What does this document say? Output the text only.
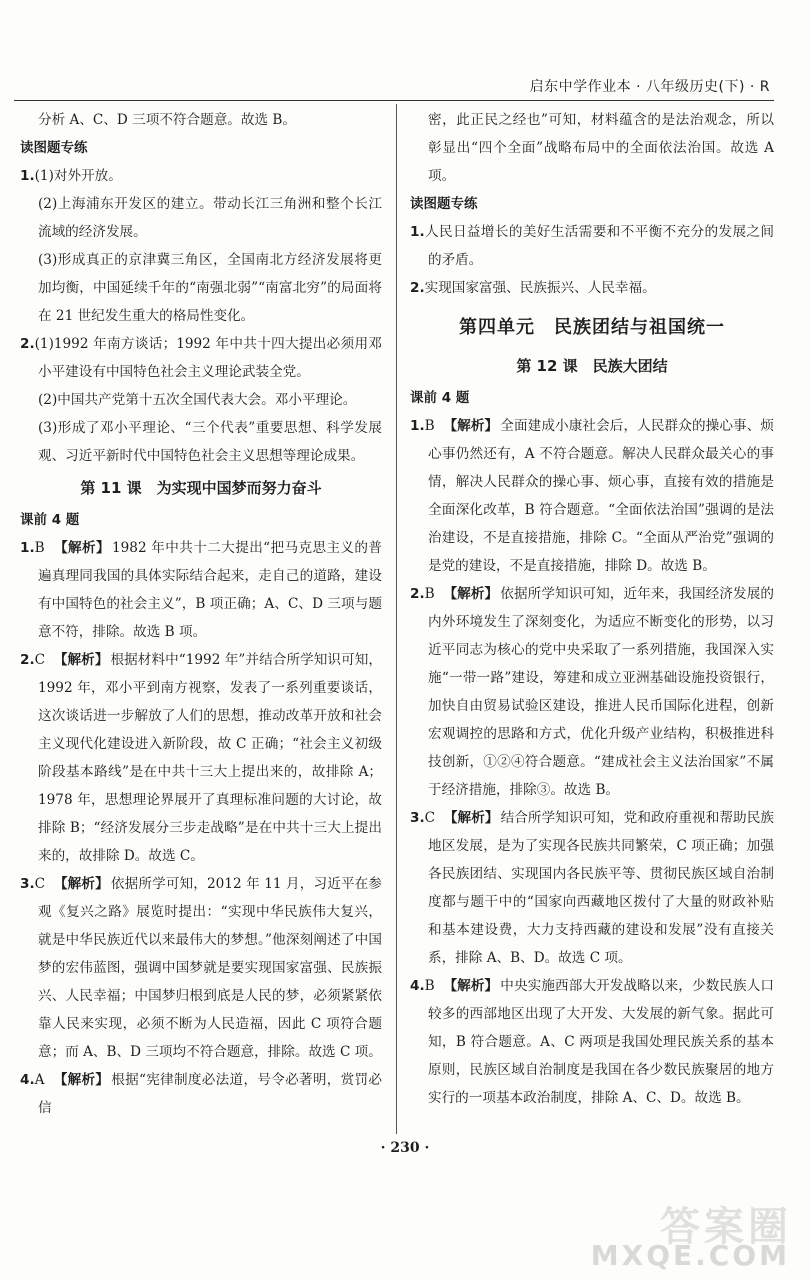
启东中学作业本 · 八年级历史(下) · R

分析 A、C、D 三项不符合题意。故选 B。

读图题专练

1.(1)对外开放。

(2)上海浦东开发区的建立。带动长江三角洲和整个长江流域的经济发展。

(3)形成真正的京津冀三角区，全国南北方经济发展将更加均衡，中国延续千年的“南强北弱”“南富北穷”的局面将在 21 世纪发生重大的格局性变化。

2.(1)1992 年南方谈话；1992 年中共十四大提出必须用邓小平建设有中国特色社会主义理论武装全党。

(2)中国共产党第十五次全国代表大会。邓小平理论。

(3)形成了邓小平理论、“三个代表”重要思想、科学发展观、习近平新时代中国特色社会主义思想等理论成果。

第 11 课　为实现中国梦而努力奋斗

课前 4 题

1.B 【解析】 1982 年中共十二大提出“把马克思主义的普遍真理同我国的具体实际结合起来，走自己的道路，建设有中国特色的社会主义”，B 项正确；A、C、D 三项与题意不符，排除。故选 B 项。

2.C 【解析】 根据材料中“1992 年”并结合所学知识可知，1992 年，邓小平到南方视察，发表了一系列重要谈话，这次谈话进一步解放了人们的思想，推动改革开放和社会主义现代化建设进入新阶段，故 C 正确；“社会主义初级阶段基本路线”是在中共十三大上提出来的，故排除 A；1978 年，思想理论界展开了真理标准问题的大讨论，故排除 B；“经济发展分三步走战略”是在中共十三大上提出来的，故排除 D。故选 C。

3.C 【解析】 依据所学可知，2012 年 11 月，习近平在参观《复兴之路》展览时提出：“实现中华民族伟大复兴，就是中华民族近代以来最伟大的梦想。”他深刻阐述了中国梦的宏伟蓝图，强调中国梦就是要实现国家富强、民族振兴、人民幸福；中国梦归根到底是人民的梦，必须紧紧依靠人民来实现，必须不断为人民造福，因此 C 项符合题意；而 A、B、D 三项均不符合题意，排除。故选 C 项。

4.A 【解析】 根据“宪律制度必法道，号令必著明，赏罚必信

密，此正民之经也”可知，材料蕴含的是法治观念，所以彰显出“四个全面”战略布局中的全面依法治国。故选 A 项。

读图题专练

1.人民日益增长的美好生活需要和不平衡不充分的发展之间的矛盾。

2.实现国家富强、民族振兴、人民幸福。

第四单元　民族团结与祖国统一

第 12 课　民族大团结

课前 4 题

1.B 【解析】 全面建成小康社会后，人民群众的操心事、烦心事仍然还有，A 不符合题意。解决人民群众最关心的事情，解决人民群众的操心事、烦心事，直接有效的措施是全面深化改革，B 符合题意。“全面依法治国”强调的是法治建设，不是直接措施，排除 C。“全面从严治党”强调的是党的建设，不是直接措施，排除 D。故选 B。

2.B 【解析】 依据所学知识可知，近年来，我国经济发展的内外环境发生了深刻变化，为适应不断变化的形势，以习近平同志为核心的党中央采取了一系列措施，我国深入实施“一带一路”建设，筹建和成立亚洲基础设施投资银行，加快自由贸易试验区建设，推进人民币国际化进程，创新宏观调控的思路和方式，优化升级产业结构，积极推进科技创新，①②④符合题意。“建成社会主义法治国家”不属于经济措施，排除③。故选 B。

3.C 【解析】 结合所学知识可知，党和政府重视和帮助民族地区发展，是为了实现各民族共同繁荣，C 项正确；加强各民族团结、实现国内各民族平等、贯彻民族区域自治制度都与题干中的“国家向西藏地区拨付了大量的财政补贴和基本建设费，大力支持西藏的建设和发展”没有直接关系，排除 A、B、D。故选 C 项。

4.B 【解析】 中央实施西部大开发战略以来，少数民族人口较多的西部地区出现了大开发、大发展的新气象。据此可知，B 符合题意。A、C 两项是我国处理民族关系的基本原则，民族区域自治制度是我国在各少数民族聚居的地方实行的一项基本政治制度，排除 A、C、D。故选 B。

· 230 ·
答案圈
MXQE.COM
